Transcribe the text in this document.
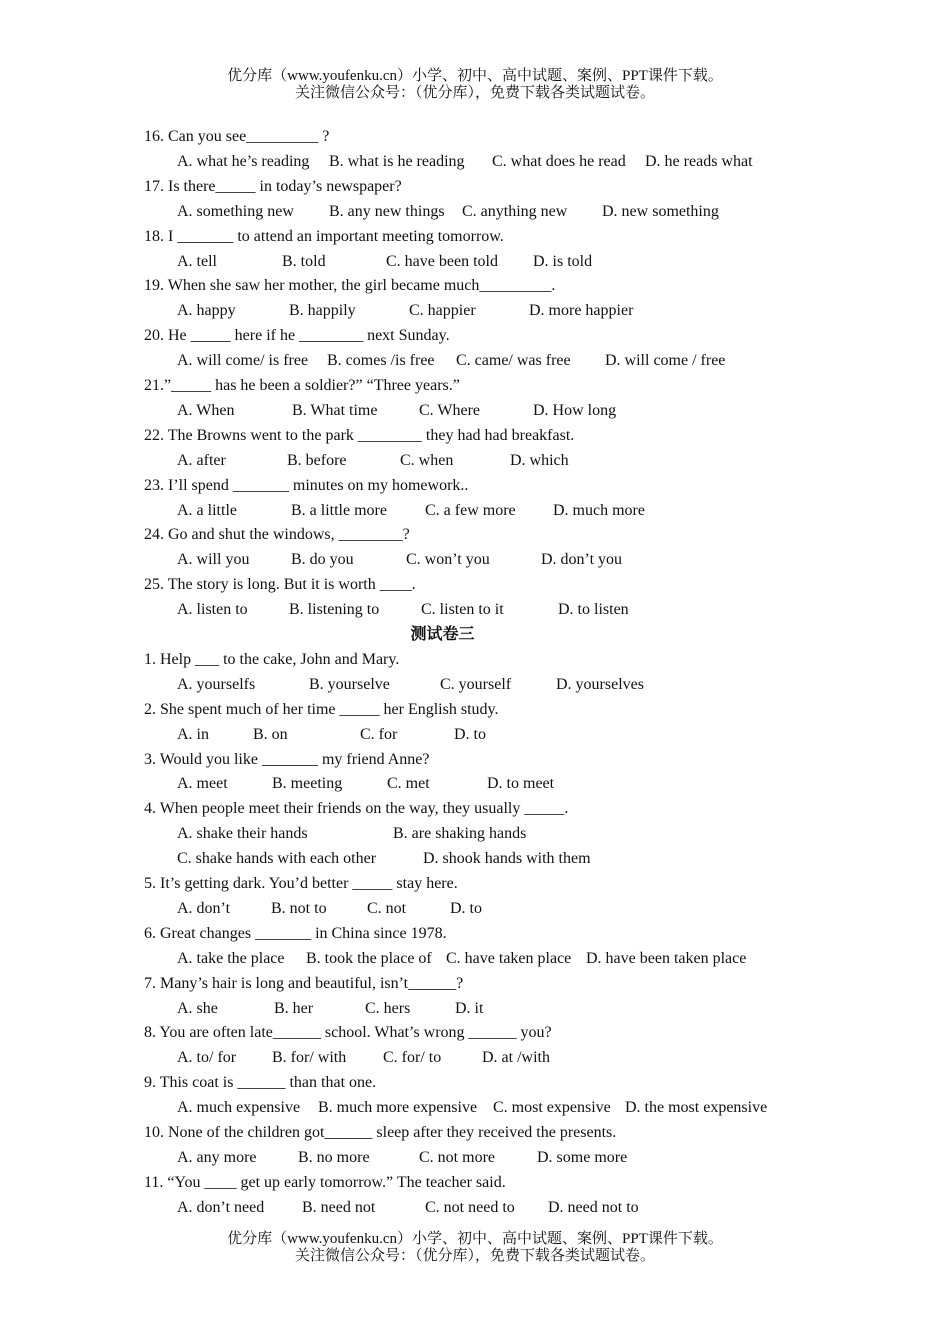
优分库（www.youfenku.cn）小学、初中、高中试题、案例、PPT课件下载。
关注微信公众号：（优分库），免费下载各类试题试卷。
16. Can you see_________ ?
A. what he’s reading B. what is he reading C. what does he read D. he reads what
17. Is there_____ in today’s newspaper?
A. something new B. any new things C. anything new D. new something
18. I _______ to attend an important meeting tomorrow.
A. tell	B. told	C. have been told D. is told
19. When she saw her mother, the girl became much_________.
A. happy	B. happily	C. happier	D. more happier
20. He _____ here if he ________ next Sunday.
A. will come/ is free B. comes /is free C. came/ was free D. will come / free
21.”_____ has he been a soldier?” “Three years.”
A. When	B. What time	C. Where	D. How long
22. The Browns went to the park ________ they had had breakfast.
A. after	B. before	C. when	D. which
23. I’ll spend _______ minutes on my homework..
A. a little	B. a little more C. a few more D. much more
24. Go and shut the windows, ________?
A. will you	B. do you	C. won’t you	D. don’t you
25. The story is long. But it is worth ____.
A. listen to	B. listening to	C. listen to it	D. to listen
测试卷三
1. Help ___ to the cake, John and Mary.
A. yourselfs	B. yourselve	C. yourself	D. yourselves
2. She spent much of her time _____ her English study.
A. in	B. on	C. for	D. to
3. Would you like _______ my friend Anne?
A. meet	B. meeting	C. met	D. to meet
4. When people meet their friends on the way, they usually _____.
A. shake their hands	B. are shaking hands
C. shake hands with each other	D. shook hands with them
5. It’s getting dark. You’d better _____ stay here.
A. don’t	B. not to	C. not	D. to
6. Great changes _______ in China since 1978.
A. take the place B. took the place of C. have taken place D. have been taken place
7. Many’s hair is long and beautiful, isn’t______?
A. she	B. her	C. hers	D. it
8. You are often late______ school. What’s wrong ______ you?
A. to/ for B. for/ with C. for/ to	D. at /with
9. This coat is ______ than that one.
A. much expensive B. much more expensive C. most expensive D. the most expensive
10. None of the children got______ sleep after they received the presents.
A. any more	B. no more	C. not more	D. some more
11. “You ____ get up early tomorrow.” The teacher said.
A. don’t need B. need not	C. not need to D. need not to
优分库（www.youfenku.cn）小学、初中、高中试题、案例、PPT课件下载。
关注微信公众号：（优分库），免费下载各类试题试卷。
